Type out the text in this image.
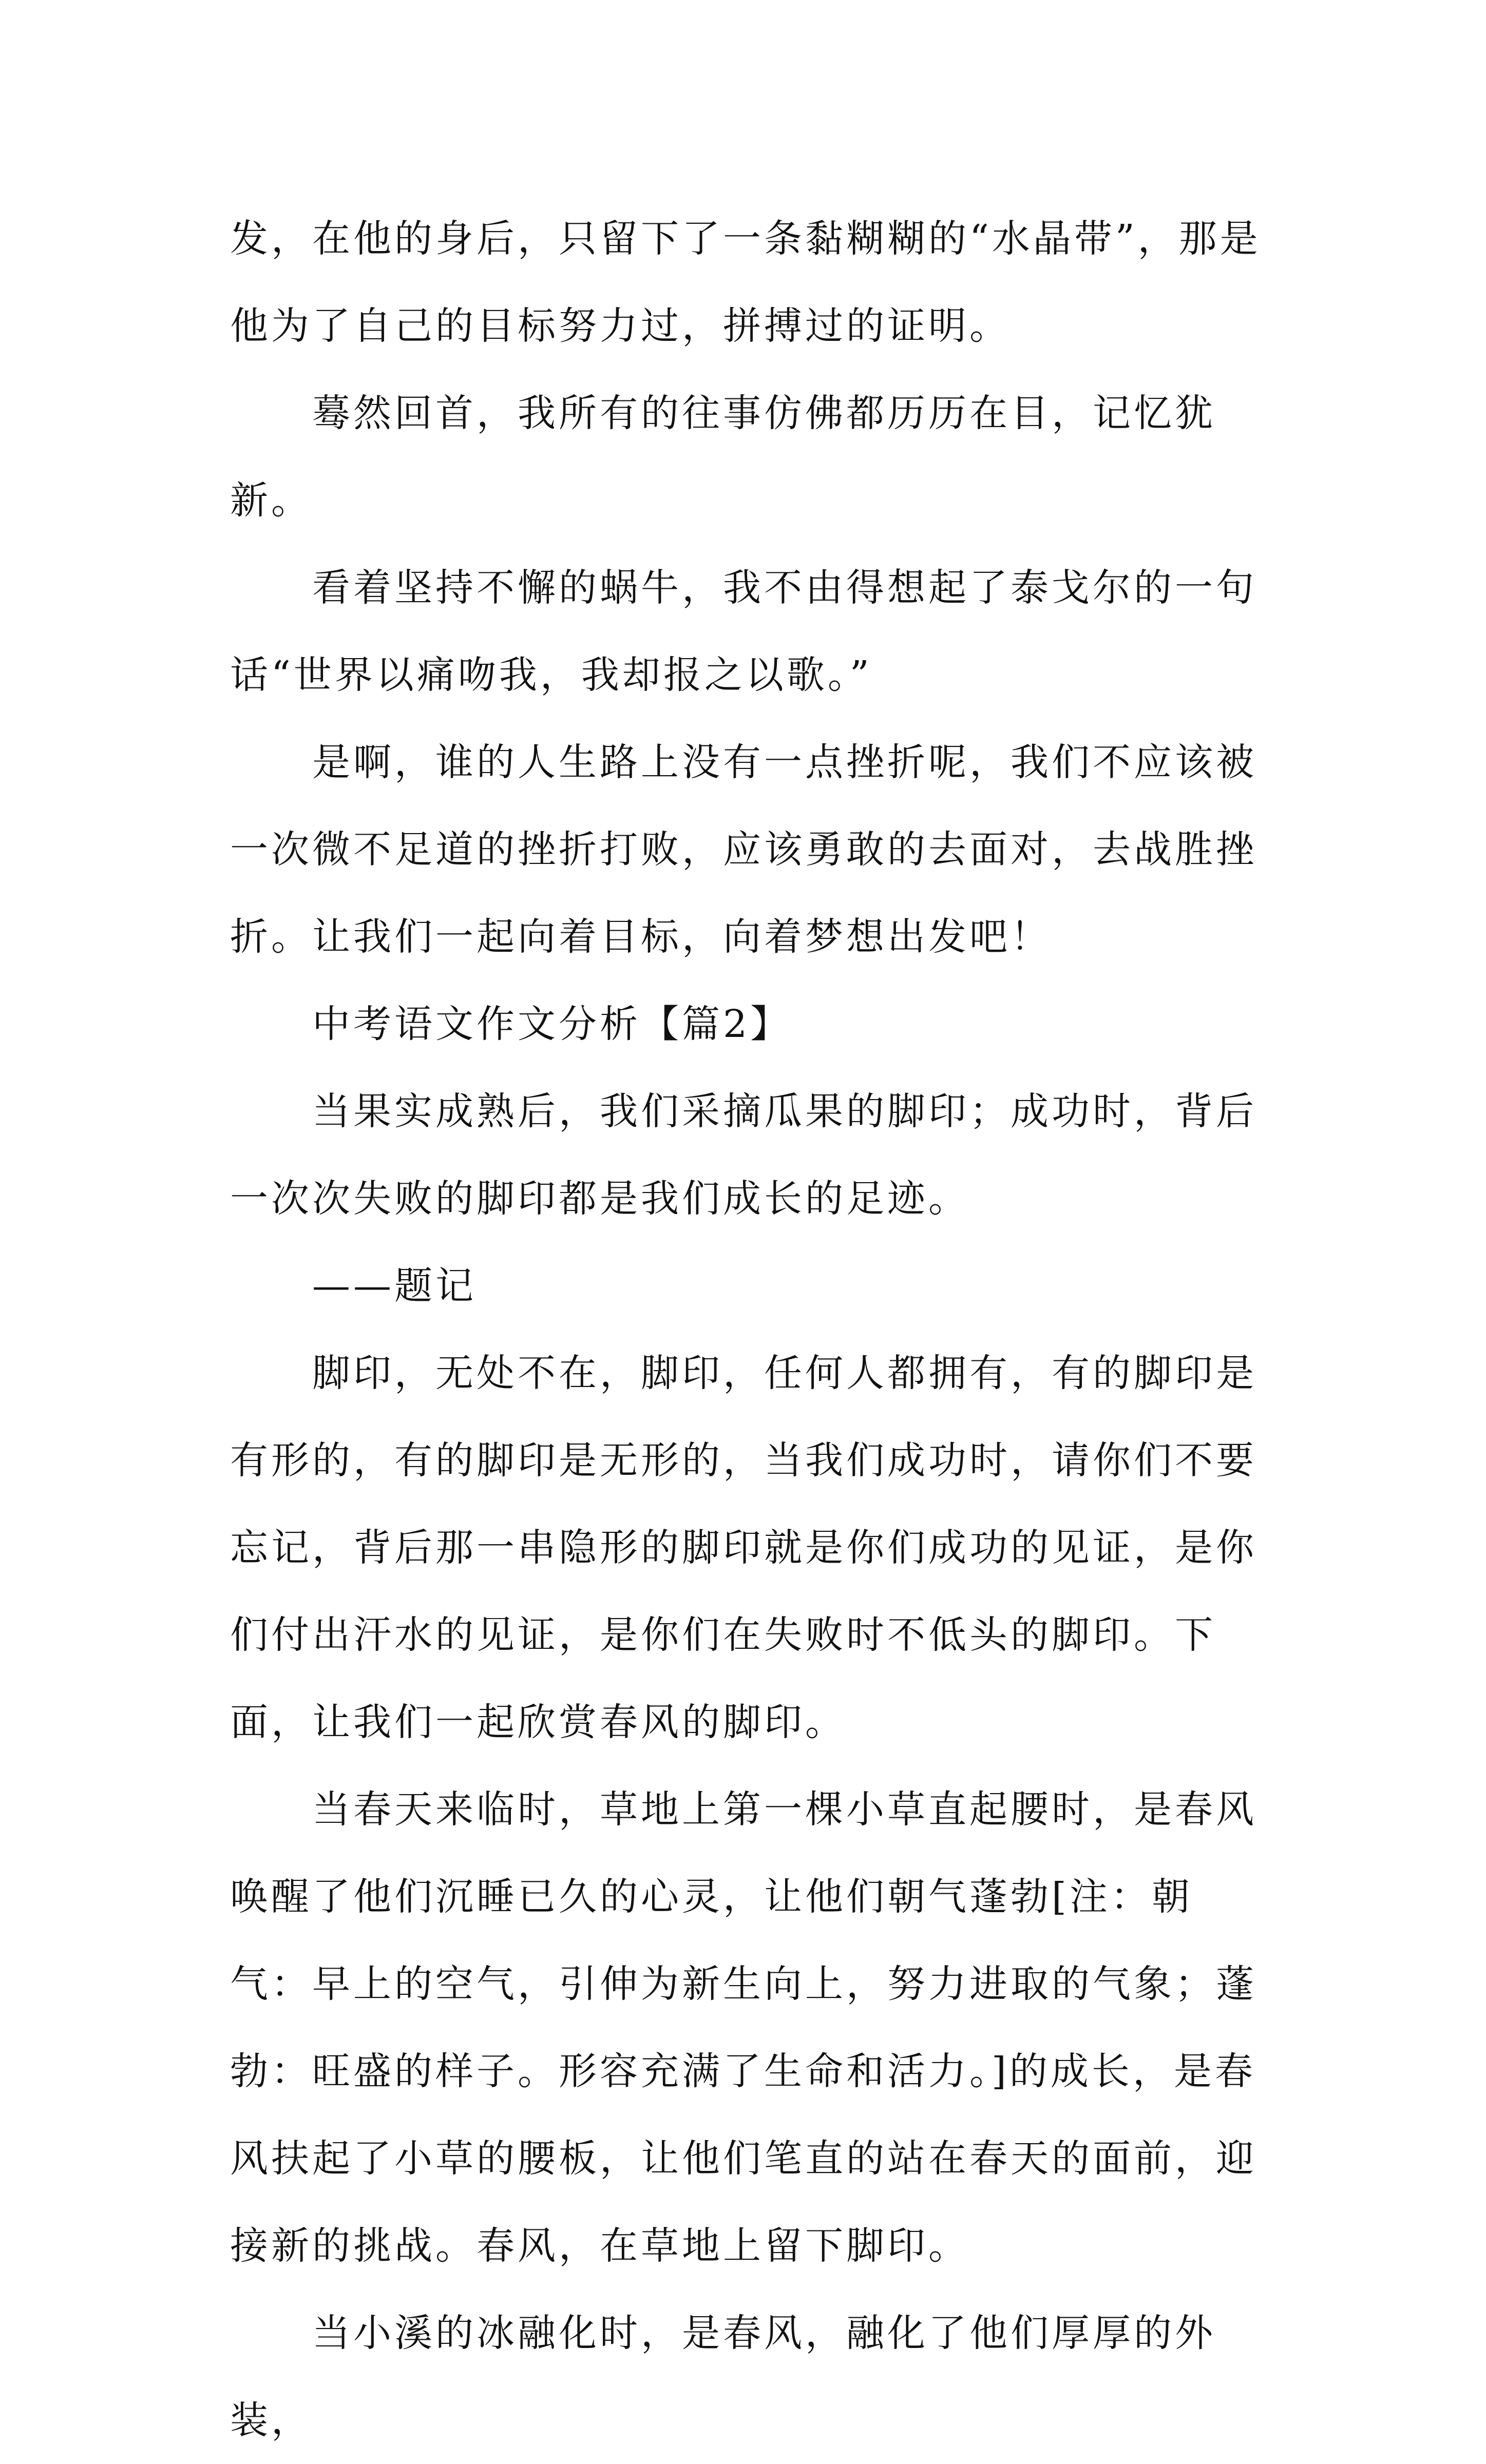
发，在他的身后，只留下了一条黏糊糊的“水晶带”，那是他为了自己的目标努力过，拼搏过的证明。

蓦然回首，我所有的往事仿佛都历历在目，记忆犹新。

看着坚持不懈的蜗牛，我不由得想起了泰戈尔的一句话“世界以痛吻我，我却报之以歌。”

是啊，谁的人生路上没有一点挫折呢，我们不应该被一次微不足道的挫折打败，应该勇敢的去面对，去战胜挫折。让我们一起向着目标，向着梦想出发吧！

中考语文作文分析【篇2】

当果实成熟后，我们采摘瓜果的脚印；成功时，背后一次次失败的脚印都是我们成长的足迹。

——题记

脚印，无处不在，脚印，任何人都拥有，有的脚印是有形的，有的脚印是无形的，当我们成功时，请你们不要忘记，背后那一串隐形的脚印就是你们成功的见证，是你们付出汗水的见证，是你们在失败时不低头的脚印。下面，让我们一起欣赏春风的脚印。

当春天来临时，草地上第一棵小草直起腰时，是春风唤醒了他们沉睡已久的心灵，让他们朝气蓬勃[注：朝气：早上的空气，引伸为新生向上，努力进取的气象；蓬勃：旺盛的样子。形容充满了生命和活力。]的成长，是春风扶起了小草的腰板，让他们笔直的站在春天的面前，迎接新的挑战。春风，在草地上留下脚印。

当小溪的冰融化时，是春风，融化了他们厚厚的外装，
